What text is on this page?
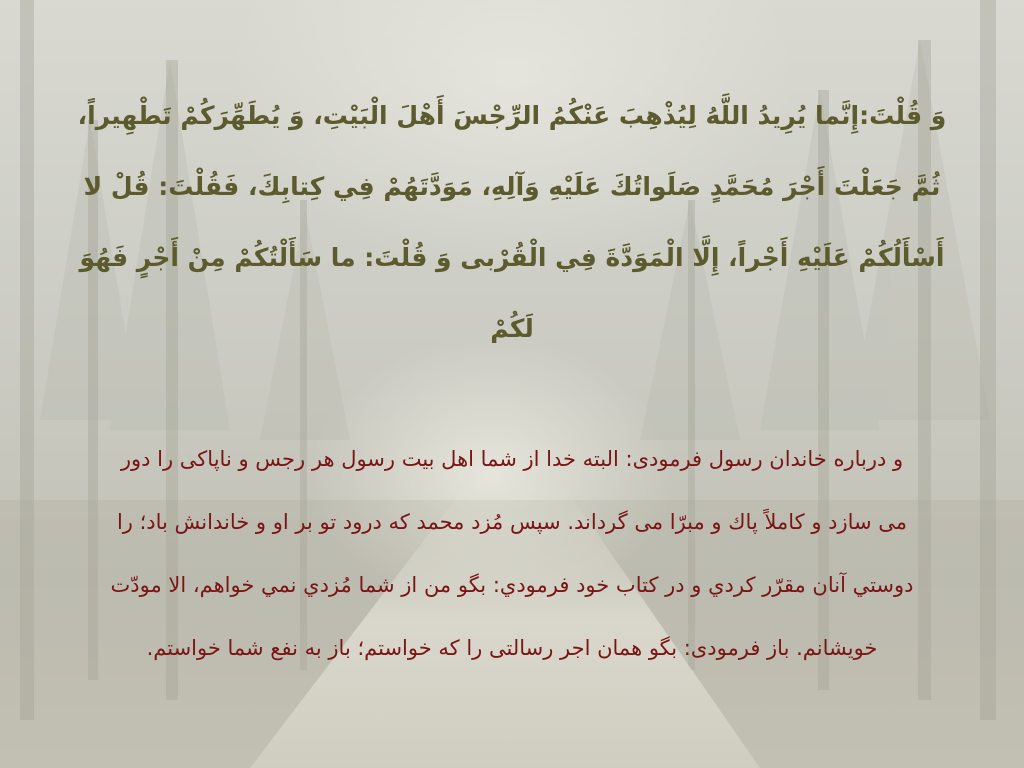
وَ قُلْتَ:إِنَّما يُرِيدُ اللَّهُ لِيُذْهِبَ عَنْكُمُ الرِّجْسَ أَهْلَ الْبَيْتِ، وَ يُطَهِّرَكُمْ تَطْهِيراً، ثُمَّ جَعَلْتَ أَجْرَ مُحَمَّدٍ صَلَواتُكَ عَلَيْهِ وَآلِهِ، مَوَدَّتَهُمْ فِي كِتابِكَ، فَقُلْتَ: قُلْ لا أَسْأَلُكُمْ عَلَيْهِ أَجْراً، إِلَّا الْمَوَدَّةَ فِي الْقُرْبى وَ قُلْتَ: ما سَأَلْتُكُمْ مِنْ أَجْرٍ فَهُوَ لَكُمْ

و درباره خاندان رسول فرمودى: البته خدا از شما اهل بيت رسول هر رجس و ناپاكى را دور مى سازد و كاملاً پاك و مبرّا مى گرداند. سپس مُزد محمد كه درود تو بر او و خاندانش باد؛ را دوستي آنان مقرّر كردي و در كتاب خود فرمودي: بگو من از شما مُزدي نمي خواهم، الا مودّت خويشانم. باز فرمودى: بگو همان اجر رسالتى را كه خواستم؛ باز به نفع شما خواستم.
